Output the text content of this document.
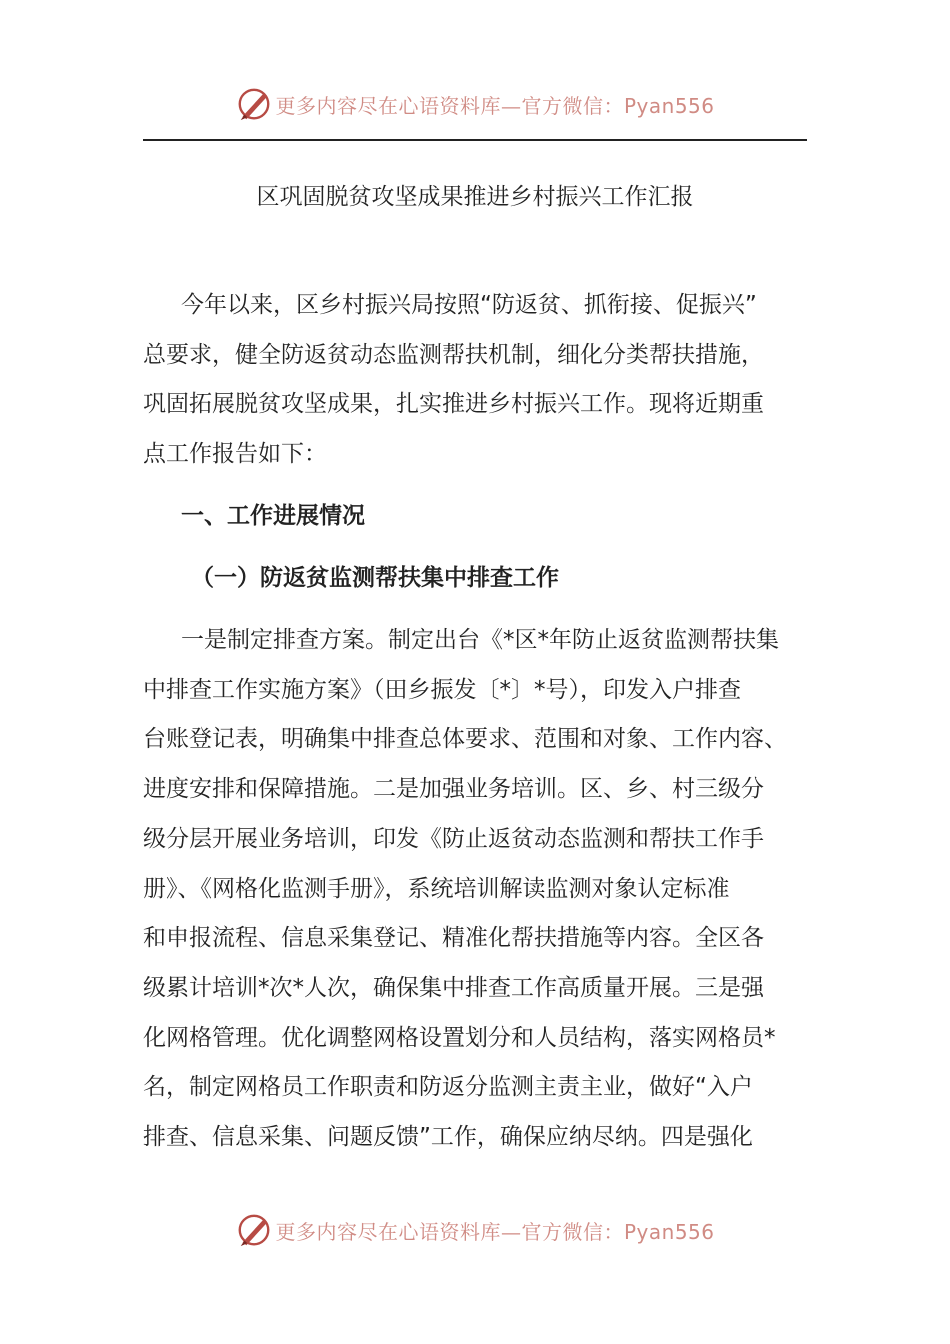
更多内容尽在心语资料库—官方微信：Pyan556
区巩固脱贫攻坚成果推进乡村振兴工作汇报

今年以来，区乡村振兴局按照“防返贫、抓衔接、促振兴”

总要求，健全防返贫动态监测帮扶机制，细化分类帮扶措施，

巩固拓展脱贫攻坚成果，扎实推进乡村振兴工作。现将近期重

点工作报告如下：

一、工作进展情况
（一）防返贫监测帮扶集中排查工作

一是制定排查方案。制定出台《*区*年防止返贫监测帮扶集

中排查工作实施方案》（田乡振发〔*〕*号），印发入户排查

台账登记表，明确集中排查总体要求、范围和对象、工作内容、

进度安排和保障措施。二是加强业务培训。区、乡、村三级分

级分层开展业务培训，印发《防止返贫动态监测和帮扶工作手

册》、《网格化监测手册》，系统培训解读监测对象认定标准

和申报流程、信息采集登记、精准化帮扶措施等内容。全区各

级累计培训*次*人次，确保集中排查工作高质量开展。三是强

化网格管理。优化调整网格设置划分和人员结构，落实网格员*

名，制定网格员工作职责和防返分监测主责主业，做好“入户

排查、信息采集、问题反馈”工作，确保应纳尽纳。四是强化

更多内容尽在心语资料库—官方微信：Pyan556
